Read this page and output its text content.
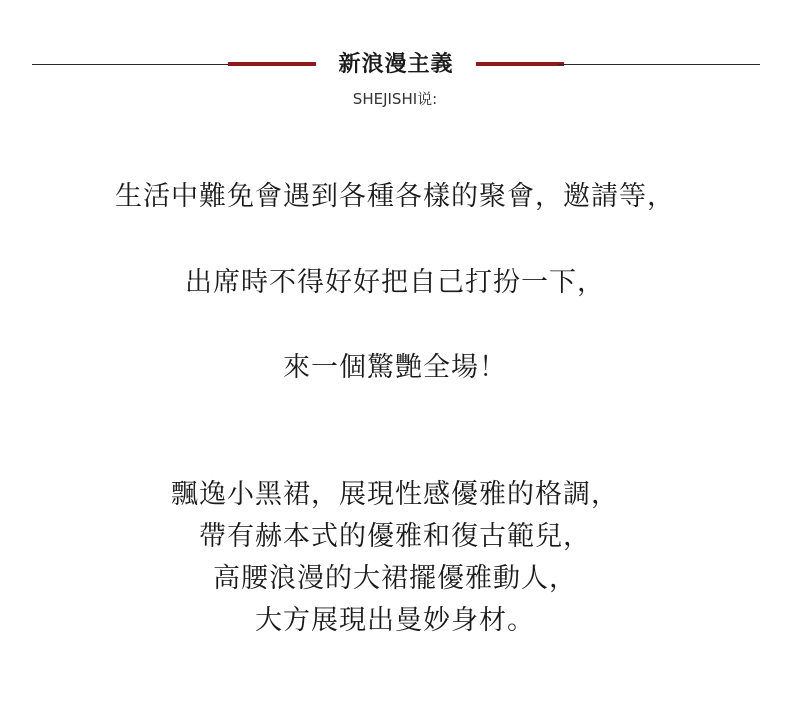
新浪漫主義
SHEJISHI说:
生活中難免會遇到各種各樣的聚會，邀請等，
出席時不得好好把自己打扮一下，
來一個驚艷全場！
飄逸小黑裙，展現性感優雅的格調，
帶有赫本式的優雅和復古範兒，
高腰浪漫的大裙擺優雅動人，
大方展現出曼妙身材。
